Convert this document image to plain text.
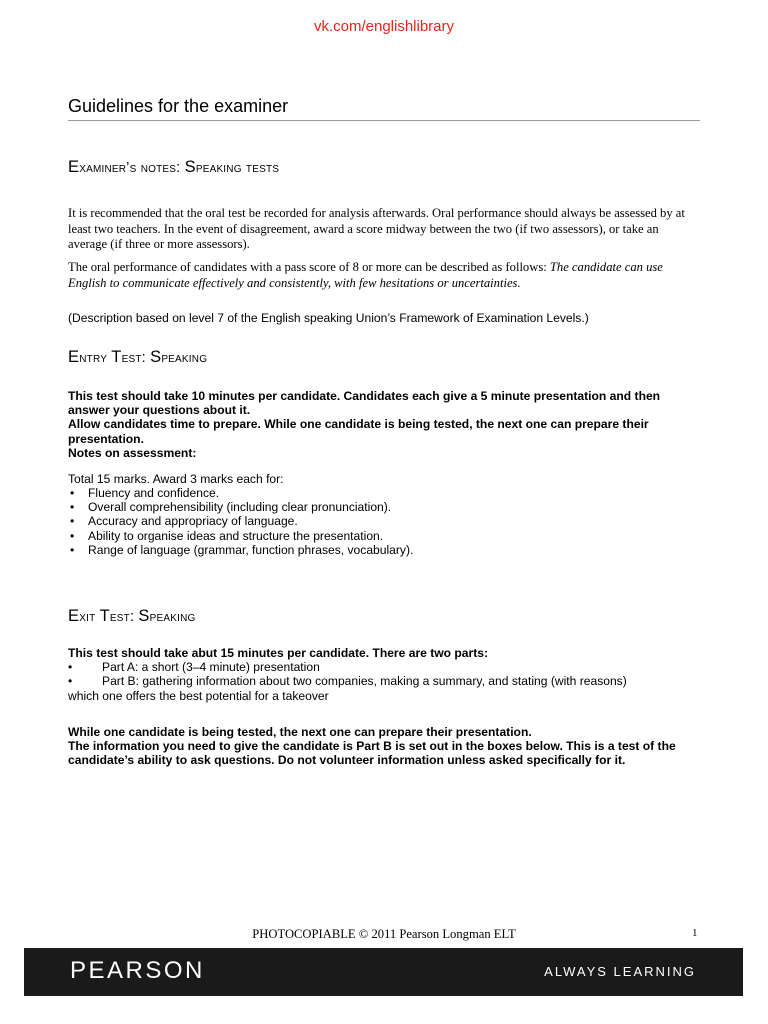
vk.com/englishlibrary
Guidelines for the examiner
Examiner’s notes: Speaking tests
It is recommended that the oral test be recorded for analysis afterwards. Oral performance should always be assessed by at least two teachers. In the event of disagreement, award a score midway between the two (if two assessors), or take an average (if three or more assessors).
The oral performance of candidates with a pass score of 8 or more can be described as follows: The candidate can use English to communicate effectively and consistently, with few hesitations or uncertainties.
(Description based on level 7 of the English speaking Union’s Framework of Examination Levels.)
Entry Test: Speaking
This test should take 10 minutes per candidate. Candidates each give a 5 minute presentation and then answer your questions about it.
Allow candidates time to prepare. While one candidate is being tested, the next one can prepare their presentation.
Notes on assessment:
Total 15 marks. Award 3 marks each for:
• Fluency and confidence.
• Overall comprehensibility (including clear pronunciation).
• Accuracy and appropriacy of language.
• Ability to organise ideas and structure the presentation.
• Range of language (grammar, function phrases, vocabulary).
Exit Test: Speaking
This test should take abut 15 minutes per candidate. There are two parts:
• Part A: a short (3–4 minute) presentation
• Part B: gathering information about two companies, making a summary, and stating (with reasons)
which one offers the best potential for a takeover
While one candidate is being tested, the next one can prepare their presentation.
The information you need to give the candidate is Part B is set out in the boxes below. This is a test of the candidate’s ability to ask questions. Do not volunteer information unless asked specifically for it.
PHOTOCOPIABLE © 2011 Pearson Longman ELT	1
PEARSON	ALWAYS LEARNING
